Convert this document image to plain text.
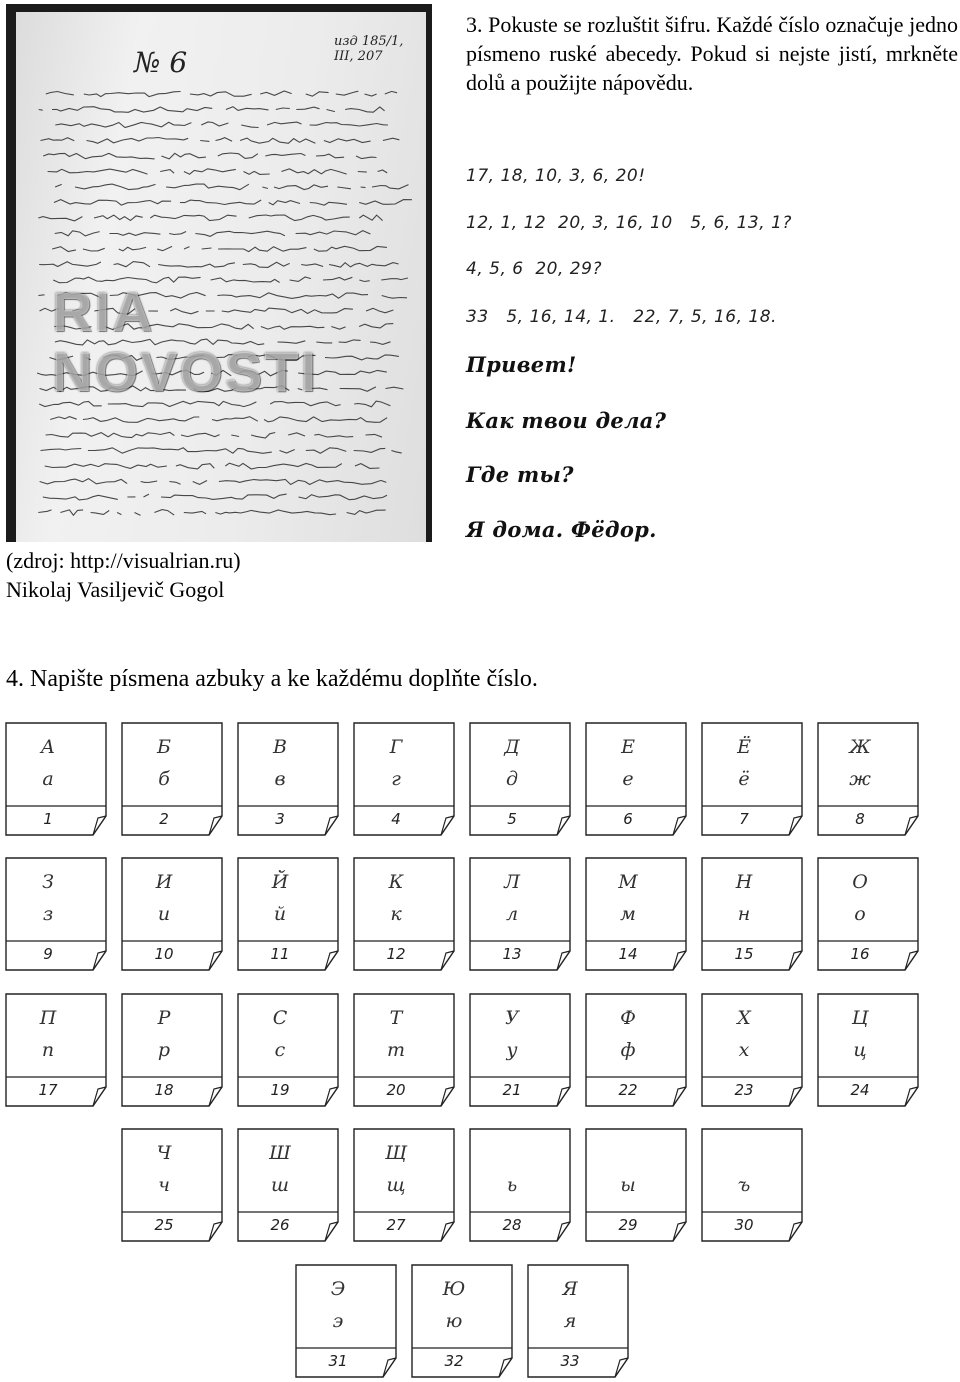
изд 185/1, III, 207
№ 6
RIA NOVOSTI
(zdroj: http://visualrian.ru)
Nikolaj Vasiljevič Gogol
3. Pokuste se rozluštit šifru. Každé číslo označuje jedno písmeno ruské abecedy. Pokud si nejste jistí, mrkněte dolů a použijte nápovědu.
17, 18, 10, 3, 6, 20!
12, 1, 12  20, 3, 16, 10   5, 6, 13, 1?
4, 5, 6  20, 29?
33   5, 16, 14, 1.   22, 7, 5, 16, 18.
Привет!
Как твои дела?
Где ты?
Я дома. Фёдор.
4. Napište písmena azbuky a ke každému doplňte číslo.
А
а
1
Б
б
2
В
в
3
Г
г
4
Д
д
5
Е
е
6
Ё
ё
7
Ж
ж
8
З
з
9
И
и
10
Й
й
11
К
к
12
Л
л
13
М
м
14
Н
н
15
О
о
16
П
п
17
Р
р
18
С
с
19
Т
т
20
У
у
21
Ф
ф
22
Х
х
23
Ц
ц
24
Ч
ч
25
Ш
ш
26
Щ
щ
27
ь
28
ы
29
ъ
30
Э
э
31
Ю
ю
32
Я
я
33
